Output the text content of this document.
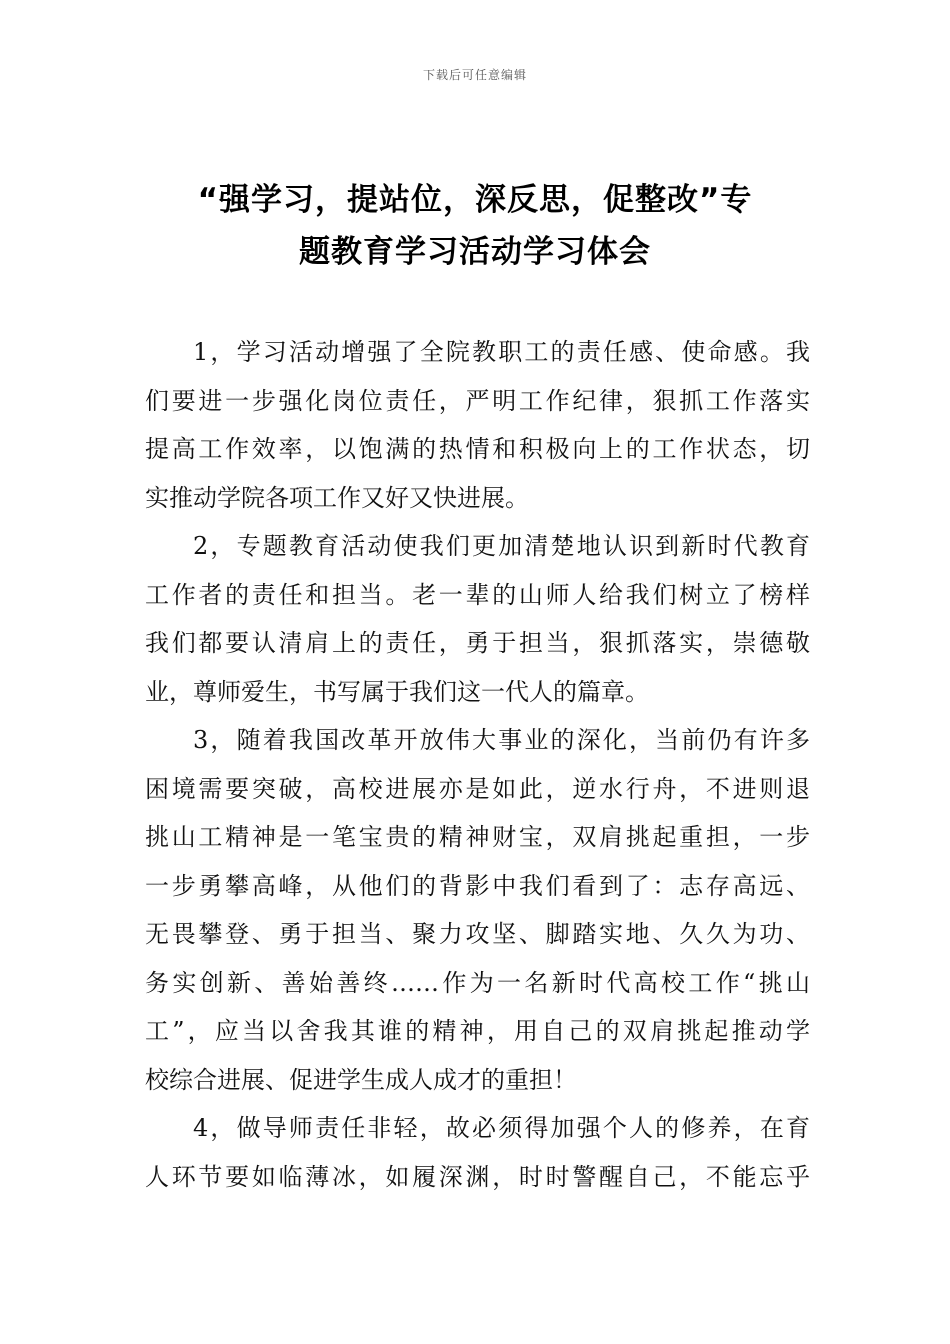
下载后可任意编辑
“强学习，提站位，深反思，促整改”专
题教育学习活动学习体会
1，学习活动增强了全院教职工的责任感、使命感。我
们要进一步强化岗位责任，严明工作纪律，狠抓工作落实
提高工作效率，以饱满的热情和积极向上的工作状态，切
实推动学院各项工作又好又快进展。
2，专题教育活动使我们更加清楚地认识到新时代教育
工作者的责任和担当。老一辈的山师人给我们树立了榜样
我们都要认清肩上的责任，勇于担当，狠抓落实，崇德敬
业，尊师爱生，书写属于我们这一代人的篇章。
3，随着我国改革开放伟大事业的深化，当前仍有许多
困境需要突破，高校进展亦是如此，逆水行舟，不进则退
挑山工精神是一笔宝贵的精神财宝，双肩挑起重担，一步
一步勇攀高峰，从他们的背影中我们看到了：志存高远、
无畏攀登、勇于担当、聚力攻坚、脚踏实地、久久为功、
务实创新、善始善终……作为一名新时代高校工作“挑山
工”，应当以舍我其谁的精神，用自己的双肩挑起推动学
校综合进展、促进学生成人成才的重担！
4，做导师责任非轻，故必须得加强个人的修养，在育
人环节要如临薄冰，如履深渊，时时警醒自己，不能忘乎
